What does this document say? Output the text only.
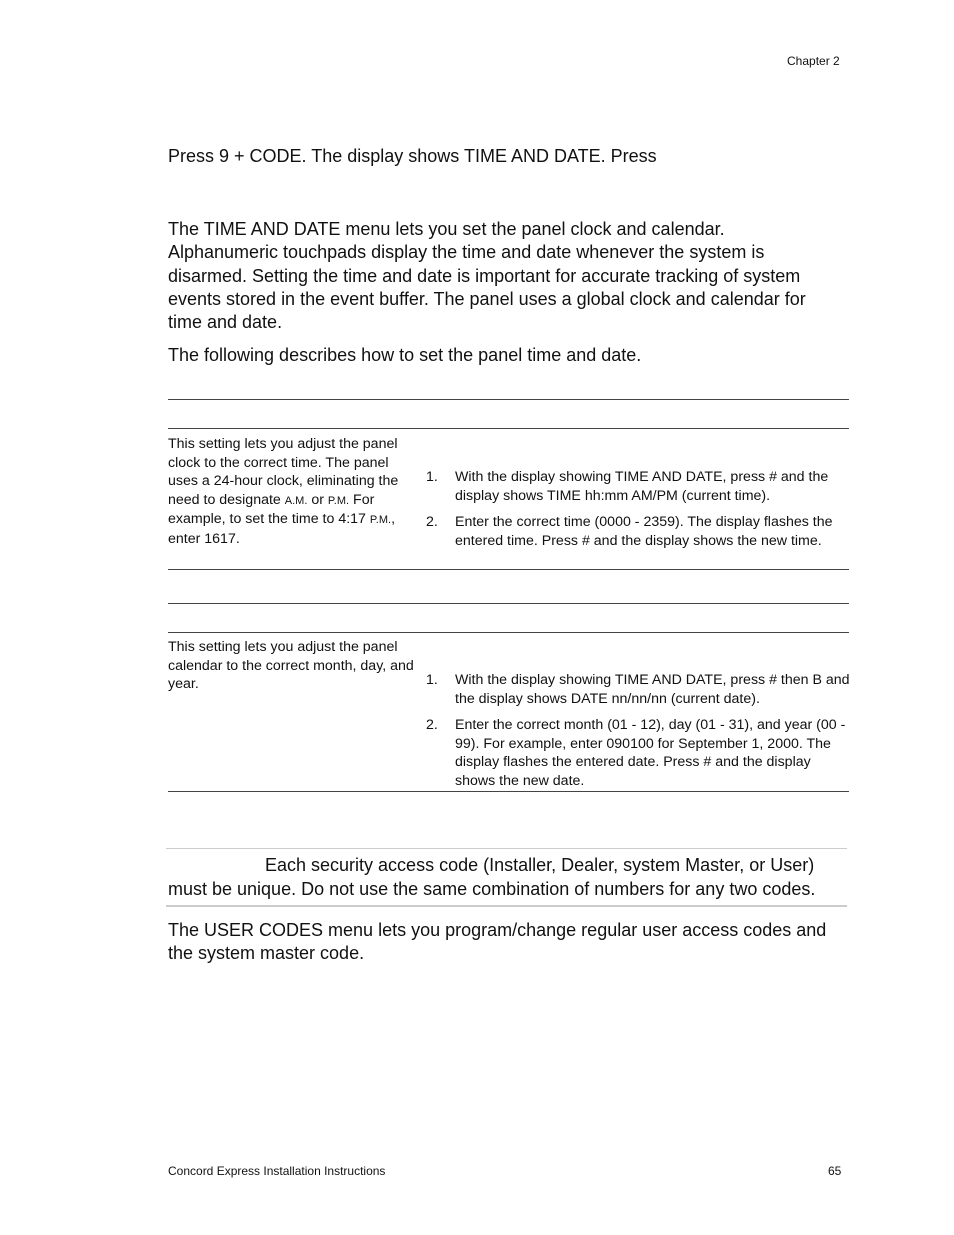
Chapter 2
Press 9 + CODE. The display shows TIME AND DATE. Press
The TIME AND DATE menu lets you set the panel clock and calendar. Alphanumeric touchpads display the time and date whenever the system is disarmed. Setting the time and date is important for accurate tracking of system events stored in the event buffer. The panel uses a global clock and calendar for time and date.
The following describes how to set the panel time and date.
This setting lets you adjust the panel clock to the correct time. The panel uses a 24-hour clock, eliminating the need to designate A.M. or P.M. For example, to set the time to 4:17 P.M., enter 1617.
1. With the display showing TIME AND DATE, press # and the display shows TIME hh:mm AM/PM (current time).
2. Enter the correct time (0000 - 2359). The display flashes the entered time. Press # and the display shows the new time.
This setting lets you adjust the panel calendar to the correct month, day, and year.	1. With the display showing TIME AND DATE, press # then B and the display shows DATE nn/nn/nn (current date).
2. Enter the correct month (01 - 12), day (01 - 31), and year (00 - 99). For example, enter 090100 for September 1, 2000. The display flashes the entered date. Press # and the display shows the new date.
Each security access code (Installer, Dealer, system Master, or User) must be unique. Do not use the same combination of numbers for any two codes.
The USER CODES menu lets you program/change regular user access codes and the system master code.
Concord Express Installation Instructions	65
